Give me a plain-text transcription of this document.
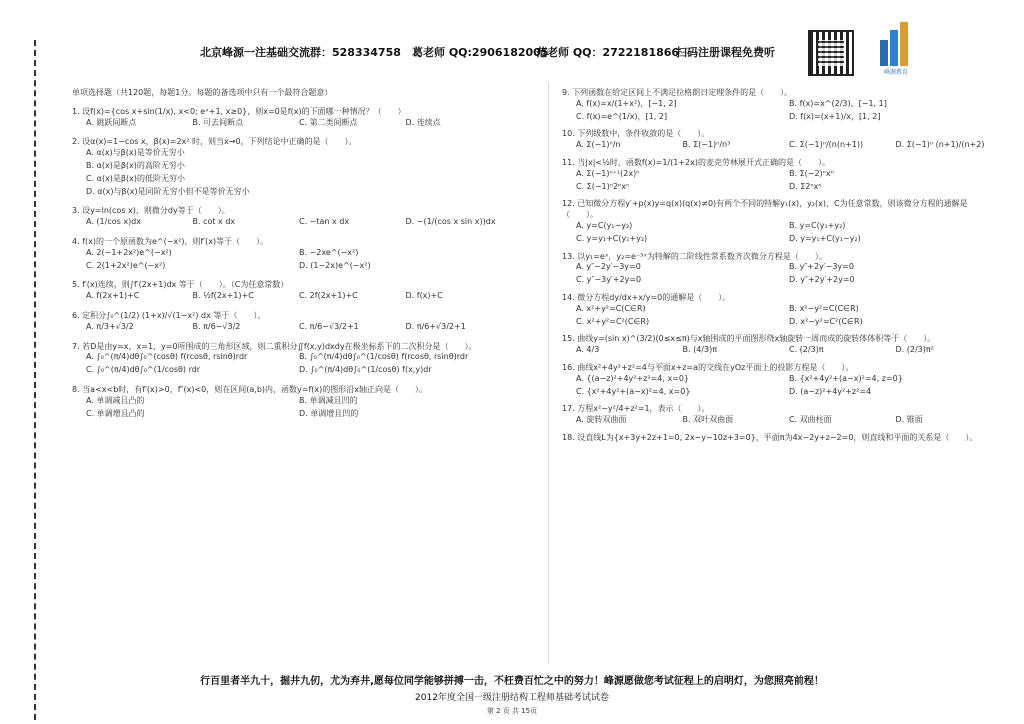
北京峰源一注基础交流群：528334758 葛老师 QQ:2906182005
范老师 QQ：2722181866
扫码注册课程免费听
峰源教育
单项选择题（共120题，每题1分。每题的备选项中只有一个最符合题意）
1. 设f(x)={cos x+sin(1/x), x<0; eˣ+1, x≥0}，则x=0是f(x)的下面哪一种情况？（　　）
A. 跳跃间断点	B. 可去间断点	C. 第二类间断点	D. 连续点
2. 设α(x)=1−cos x，β(x)=2x² 时，则当x→0，下列结论中正确的是（　　）。
A. α(x)与β(x)是等价无穷小
B. α(x)是β(x)的高阶无穷小
C. α(x)是β(x)的低阶无穷小
D. α(x)与β(x)是同阶无穷小但不是等价无穷小
3. 设y=ln(cos x)，则微分dy等于（　　）。
A. (1/cos x)dx	B. cot x dx	C. −tan x dx	D. −(1/(cos x sin x))dx
4. f(x)的一个原函数为e^(−x²)，则f′(x)等于（　　）。
A. 2(−1+2x²)e^(−x²)	B. −2xe^(−x²)
C. 2(1+2x²)e^(−x²)	D. (1−2x)e^(−x²)
5. f′(x)连续，则∫f′(2x+1)dx 等于（　　）。（C为任意常数）
A. f(2x+1)+C	B. ½f(2x+1)+C	C. 2f(2x+1)+C	D. f(x)+C
6. 定积分∫₀^(1/2) (1+x)/√(1−x²) dx 等于（　　）。
A. π/3+√3/2	B. π/6−√3/2	C. π/6−√3/2+1	D. π/6+√3/2+1
7. 若D是由y=x，x=1，y=0所围成的三角形区域，则二重积分∬f(x,y)dxdy在极坐标系下的二次积分是（　　）。
A. ∫₀^(π/4)dθ∫₀^(cosθ) f(rcosθ, rsinθ)rdr	B. ∫₀^(π/4)dθ∫₀^(1/cosθ) f(rcosθ, rsinθ)rdr
C. ∫₀^(π/4)dθ∫₀^(1/cosθ) rdr	D. ∫₀^(π/4)dθ∫₀^(1/cosθ) f(x,y)dr
8. 当a<x<b时，有f′(x)>0，f″(x)<0，则在区间(a,b)内，函数y=f(x)的图形沿x轴正向是（　　）。
A. 单调减且凸的	B. 单调减且凹的
C. 单调增且凸的	D. 单调增且凹的
9. 下列函数在给定区间上不满足拉格朗日定理条件的是（　　）。
A. f(x)=x/(1+x²)，[−1, 2]	B. f(x)=x^(2/3)，[−1, 1]
C. f(x)=e^(1/x)，[1, 2]	D. f(x)=(x+1)/x，[1, 2]
10. 下列级数中，条件收敛的是（　　）。
A. Σ(−1)ⁿ/n	B. Σ(−1)ⁿ/n³	C. Σ(−1)ⁿ/(n(n+1))	D. Σ(−1)ⁿ (n+1)/(n+2)
11. 当|x|<½时，函数f(x)=1/(1+2x)的麦克劳林展开式正确的是（　　）。
A. Σ(−1)ⁿ⁺¹(2x)ⁿ	B. Σ(−2)ⁿxⁿ
C. Σ(−1)ⁿ2ⁿxⁿ	D. Σ2ⁿxⁿ
12. 已知微分方程y′+p(x)y=q(x)(q(x)≠0)有两个不同的特解y₁(x)，y₂(x)，C为任意常数，则该微分方程的通解是（　　）。
A. y=C(y₁−y₂)	B. y=C(y₁+y₂)
C. y=y₁+C(y₁+y₂)	D. y=y₁+C(y₁−y₂)
13. 以y₁=eˣ，y₂=e⁻³ˣ为特解的二阶线性常系数齐次微分方程是（　　）。
A. y″−2y′−3y=0	B. y″+2y′−3y=0
C. y″−3y′+2y=0	D. y″+2y′+2y=0
14. 微分方程dy/dx+x/y=0的通解是（　　）。
A. x²+y²=C(C∈R)	B. x²−y²=C(C∈R)
C. x²+y²=C²(C∈R)	D. x²−y²=C²(C∈R)
15. 曲线y=(sin x)^(3/2)(0≤x≤π)与x轴围成的平面图形绕x轴旋转一周而成的旋转体体积等于（　　）。
A. 4/3	B. (4/3)π	C. (2/3)π	D. (2/3)π²
16. 曲线x²+4y²+z²=4与平面x+z=a的交线在yOz平面上的投影方程是（　　）。
A. {(a−z)²+4y²+z²=4, x=0}	B. {x²+4y²+(a−x)²=4, z=0}
C. {x²+4y²+(a−x)²=4, x=0}	D. (a−z)²+4y²+z²=4
17. 方程x²−y²/4+z²=1，表示（　　）。
A. 旋转双曲面	B. 双叶双曲面	C. 双曲柱面	D. 锥面
18. 设直线L为{x+3y+2z+1=0, 2x−y−10z+3=0}，平面π为4x−2y+z−2=0，则直线和平面的关系是（　　）。
行百里者半九十，掘井九仞，尤为弃井,愿每位同学能够拼搏一击，不枉费百忙之中的努力！峰源愿做您考试征程上的启明灯，为您照亮前程！
2012年度全国一级注册结构工程师基础考试试卷
第 2 页 共 15页
